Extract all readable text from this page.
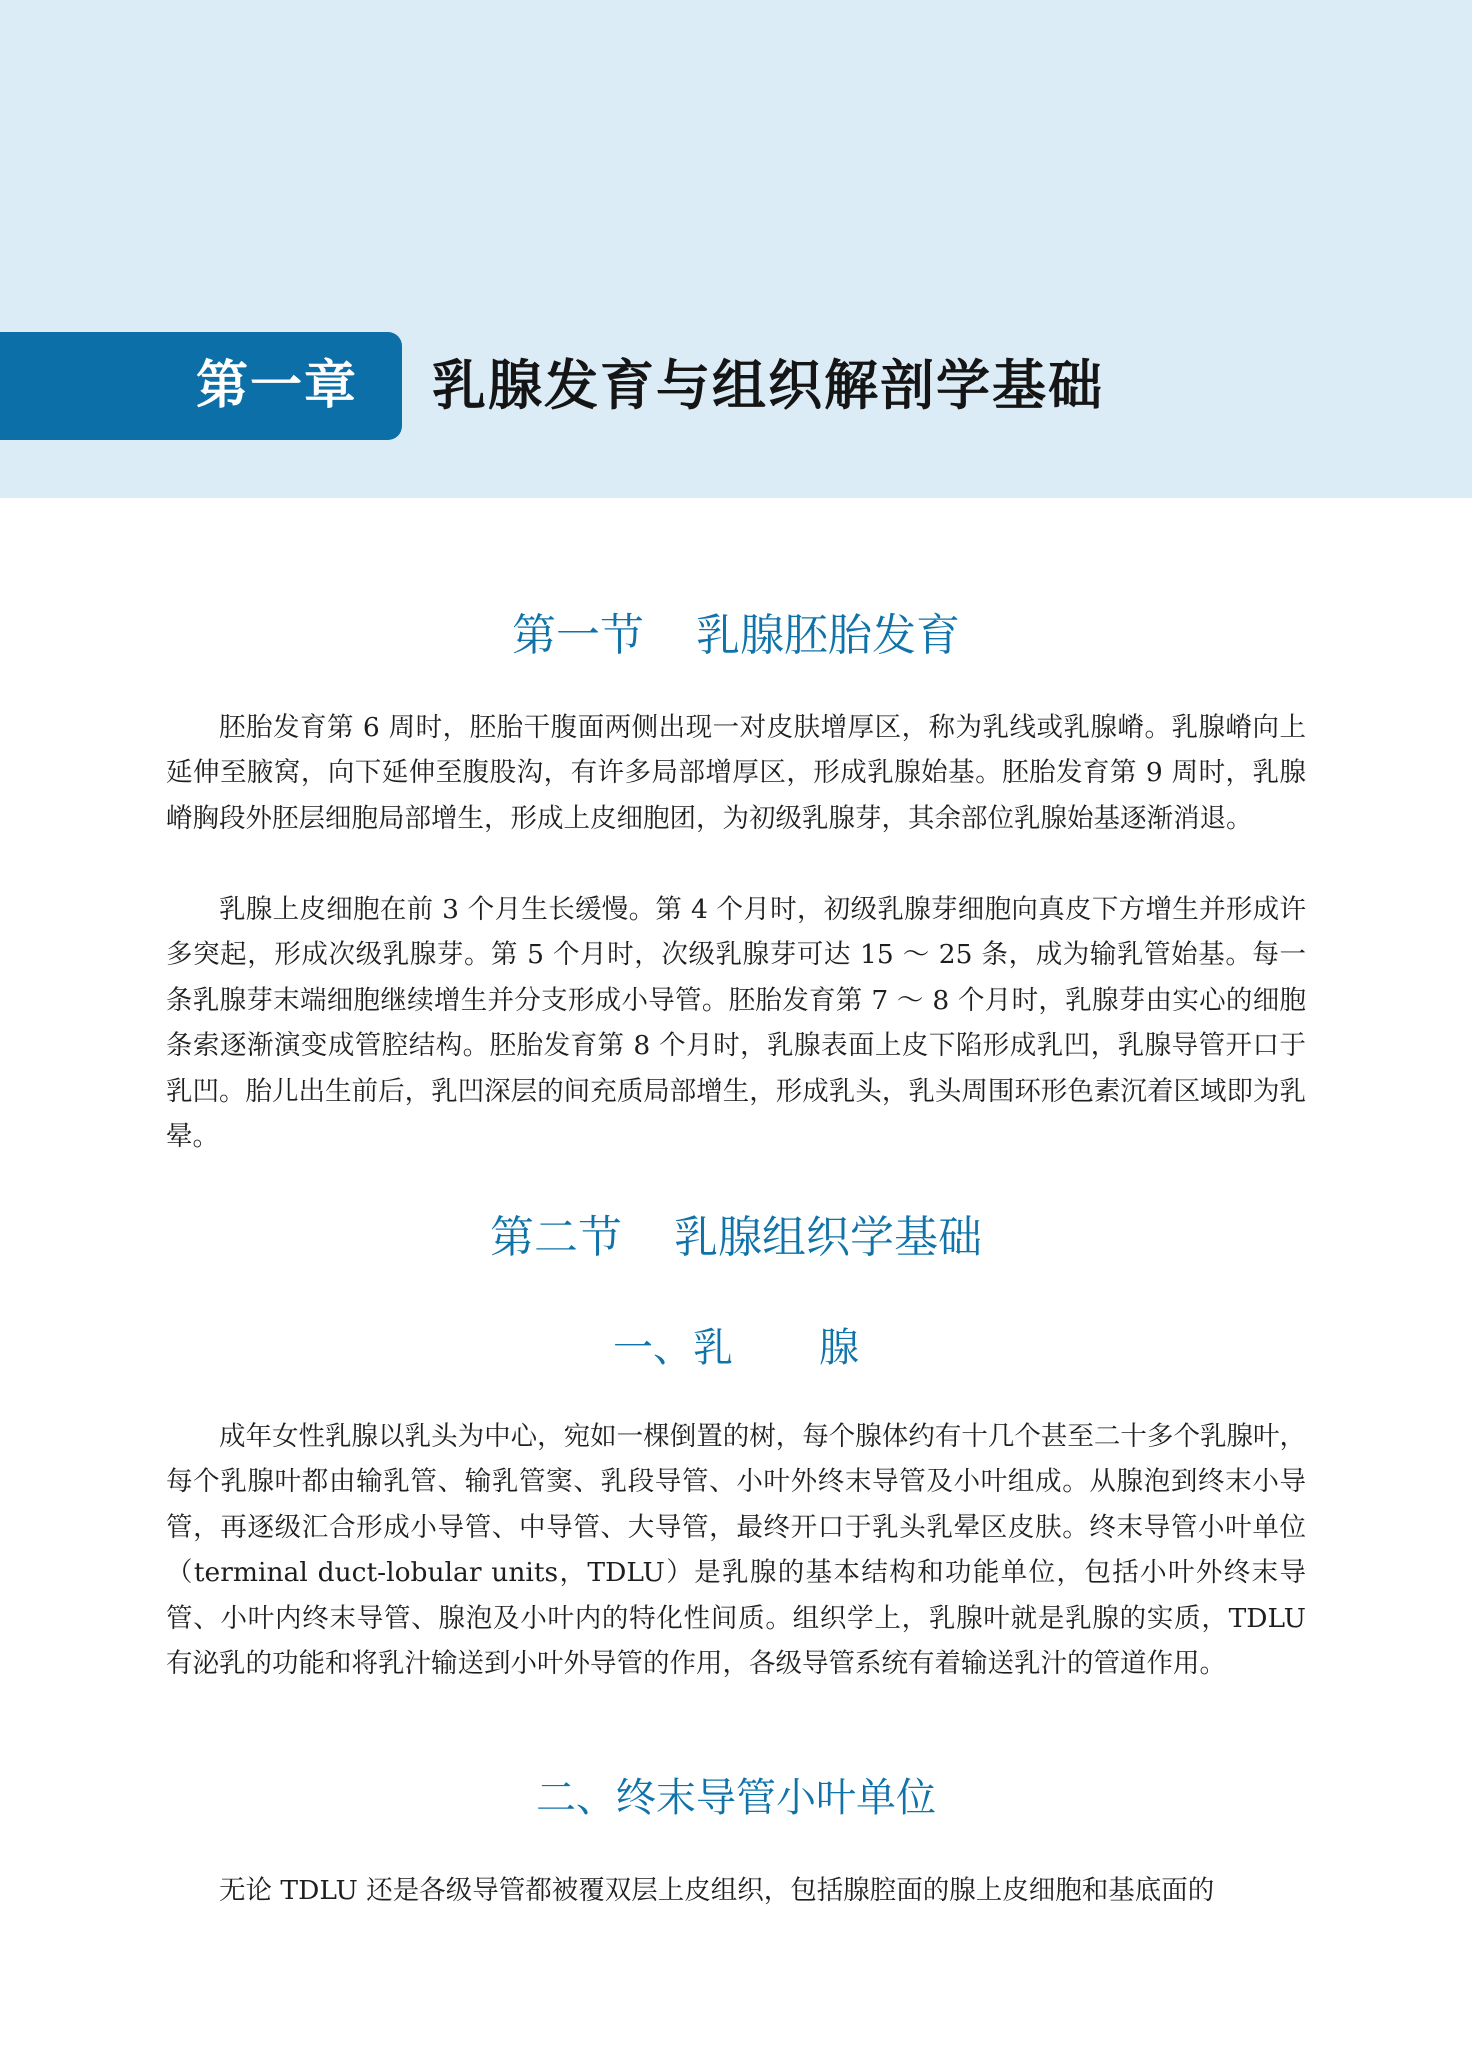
第一章 乳腺发育与组织解剖学基础
第一节 乳腺胚胎发育

胚胎发育第 6 周时，胚胎干腹面两侧出现一对皮肤增厚区，称为乳线或乳腺嵴。乳腺嵴向上延伸至腋窝，向下延伸至腹股沟，有许多局部增厚区，形成乳腺始基。胚胎发育第 9 周时，乳腺嵴胸段外胚层细胞局部增生，形成上皮细胞团，为初级乳腺芽，其余部位乳腺始基逐渐消退。

乳腺上皮细胞在前 3 个月生长缓慢。第 4 个月时，初级乳腺芽细胞向真皮下方增生并形成许多突起，形成次级乳腺芽。第 5 个月时，次级乳腺芽可达 15 ～ 25 条，成为输乳管始基。每一条乳腺芽末端细胞继续增生并分支形成小导管。胚胎发育第 7 ～ 8 个月时，乳腺芽由实心的细胞条索逐渐演变成管腔结构。胚胎发育第 8 个月时，乳腺表面上皮下陷形成乳凹，乳腺导管开口于乳凹。胎儿出生前后，乳凹深层的间充质局部增生，形成乳头，乳头周围环形色素沉着区域即为乳晕。

第二节 乳腺组织学基础
一、乳 腺

成年女性乳腺以乳头为中心，宛如一棵倒置的树，每个腺体约有十几个甚至二十多个乳腺叶，每个乳腺叶都由输乳管、输乳管窦、乳段导管、小叶外终末导管及小叶组成。从腺泡到终末小导管，再逐级汇合形成小导管、中导管、大导管，最终开口于乳头乳晕区皮肤。终末导管小叶单位（terminal duct-lobular units，TDLU）是乳腺的基本结构和功能单位，包括小叶外终末导管、小叶内终末导管、腺泡及小叶内的特化性间质。组织学上，乳腺叶就是乳腺的实质，TDLU 有泌乳的功能和将乳汁输送到小叶外导管的作用，各级导管系统有着输送乳汁的管道作用。

二、终末导管小叶单位

无论 TDLU 还是各级导管都被覆双层上皮组织，包括腺腔面的腺上皮细胞和基底面的
